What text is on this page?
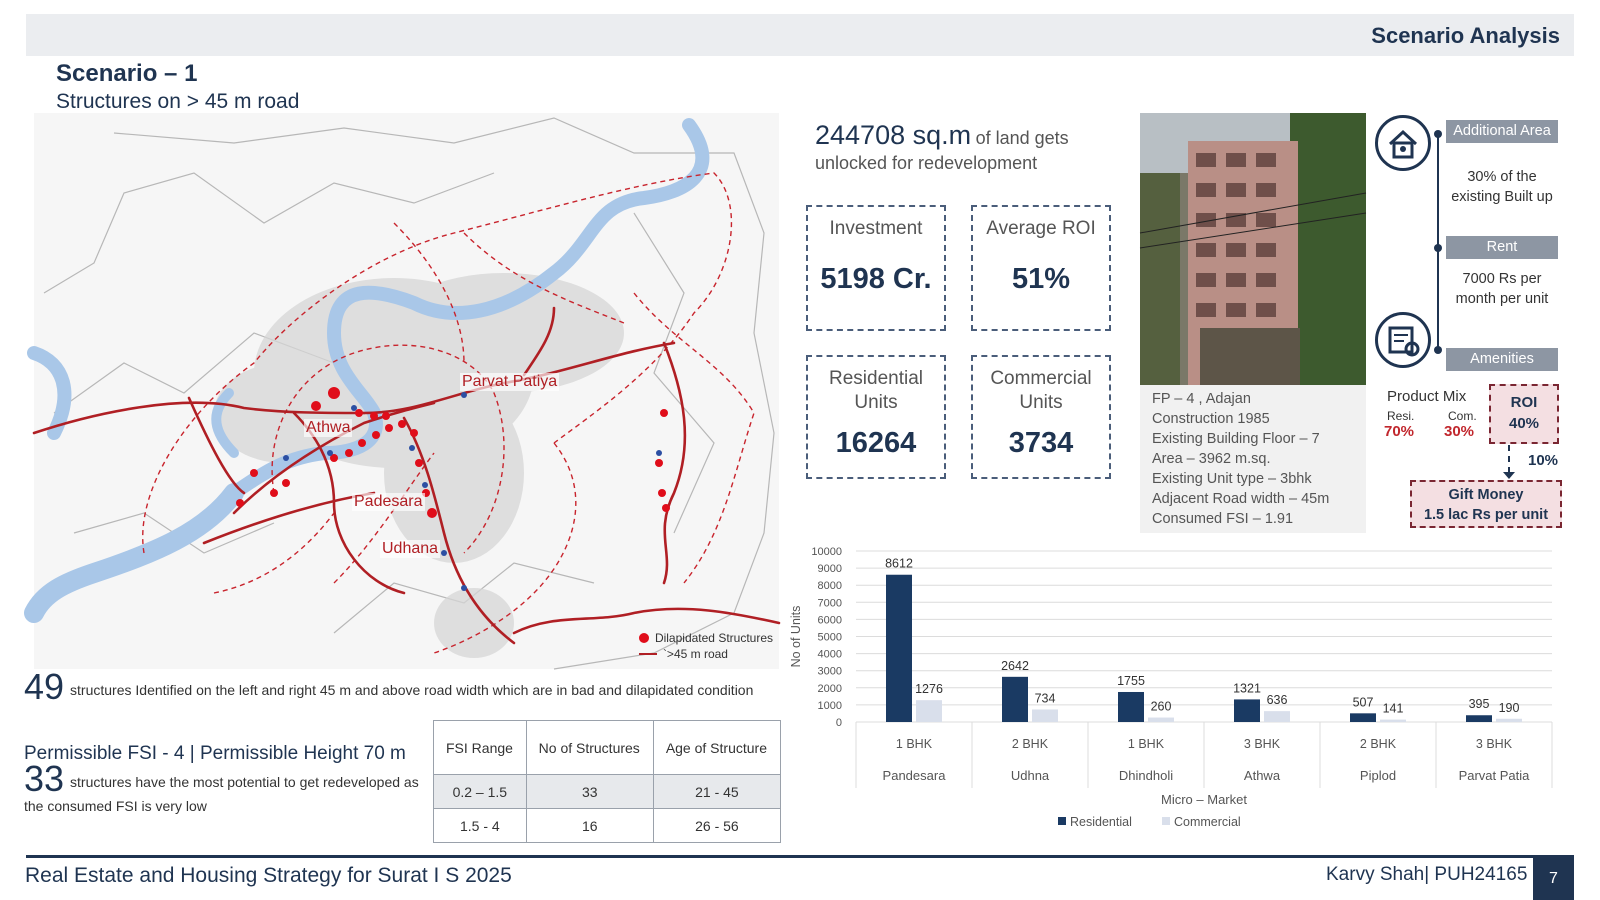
Scenario Analysis
Scenario – 1
Structures on > 45 m road
Parvat Patiya
Athwa
Padesara
Udhana
Dilapidated Structures
`>45 m road
49 structures Identified on the left and right 45 m and above road width which are in bad and dilapidated condition
Permissible FSI - 4 | Permissible Height 70 m
33 structures have the most potential to get redeveloped as the consumed FSI is very low
FSI Range	No of Structures	Age of Structure
0.2 – 1.5	33	21 - 45
1.5 - 4	16	26 - 56
244708 sq.m of land gets
unlocked for redevelopment
Investment
5198 Cr.
Average ROI
51%
Residential Units
16264
Commercial Units
3734
FP – 4 , Adajan
Construction 1985
Existing Building Floor – 7
Area – 3962 m.sq.
Existing Unit type – 3bhk
Adjacent Road width – 45m
Consumed FSI – 1.91
Additional Area
30% of the existing Built up
Rent
7000 Rs per month per unit
Amenities
Product Mix
Resi.	Com.
70% 30%
ROI
40%
10%
Gift Money
1.5 lac Rs per unit
0
1000
2000
3000
4000
5000
6000
7000
8000
9000
10000
No of Units
8612
1276
1 BHK
Pandesara
2642
734
2 BHK
Udhna
1755
260
1 BHK
Dhindholi
1321
636
3 BHK
Athwa
507 141
2 BHK
Piplod
395 190
3 BHK
Parvat Patia
Micro – Market
Residential	Commercial
Real Estate and Housing Strategy for Surat I S 2025	Karvy Shah| PUH24165	7
